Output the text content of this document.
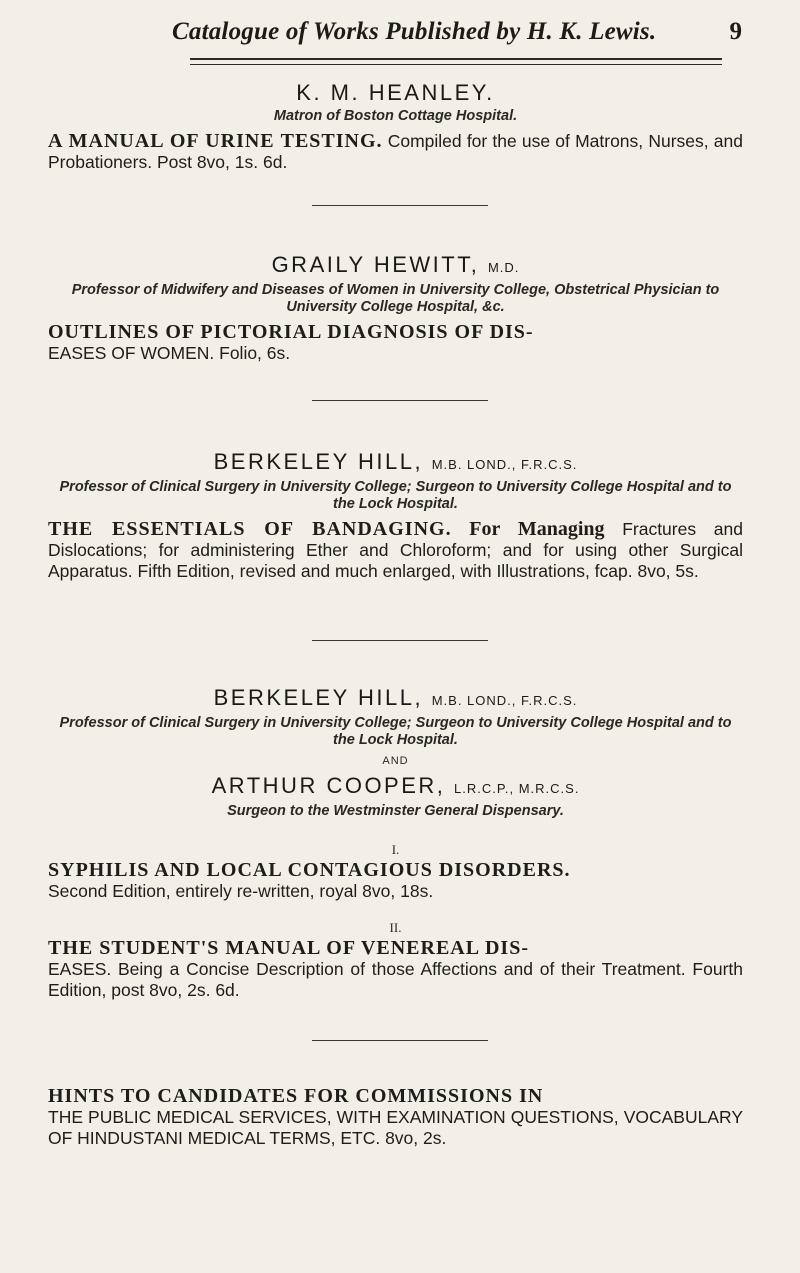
Catalogue of Works Published by H. K. Lewis.	9
K. M. HEANLEY.
Matron of Boston Cottage Hospital.
A MANUAL OF URINE TESTING. Compiled for the use of Matrons, Nurses, and Probationers. Post 8vo, 1s. 6d.
GRAILY HEWITT, M.D.
Professor of Midwifery and Diseases of Women in University College, Obstetrical Physician to University College Hospital, &c.
OUTLINES OF PICTORIAL DIAGNOSIS OF DIS-
EASES OF WOMEN. Folio, 6s.
BERKELEY HILL, M.B. LOND., F.R.C.S.
Professor of Clinical Surgery in University College; Surgeon to University College Hospital and to the Lock Hospital.
THE ESSENTIALS OF BANDAGING. For Managing Fractures and Dislocations; for administering Ether and Chloroform; and for using other Surgical Apparatus. Fifth Edition, revised and much enlarged, with Illustrations, fcap. 8vo, 5s.
BERKELEY HILL, M.B. LOND., F.R.C.S.
Professor of Clinical Surgery in University College; Surgeon to University College Hospital and to the Lock Hospital.
AND
ARTHUR COOPER, L.R.C.P., M.R.C.S.
Surgeon to the Westminster General Dispensary.
I.
SYPHILIS AND LOCAL CONTAGIOUS DISORDERS.
Second Edition, entirely re-written, royal 8vo, 18s.
II.
THE STUDENT'S MANUAL OF VENEREAL DIS-
EASES. Being a Concise Description of those Affections and of their Treatment. Fourth Edition, post 8vo, 2s. 6d.
HINTS TO CANDIDATES FOR COMMISSIONS IN
THE PUBLIC MEDICAL SERVICES, WITH EXAMINATION QUESTIONS, VOCABULARY OF HINDUSTANI MEDICAL TERMS, ETC. 8vo, 2s.
